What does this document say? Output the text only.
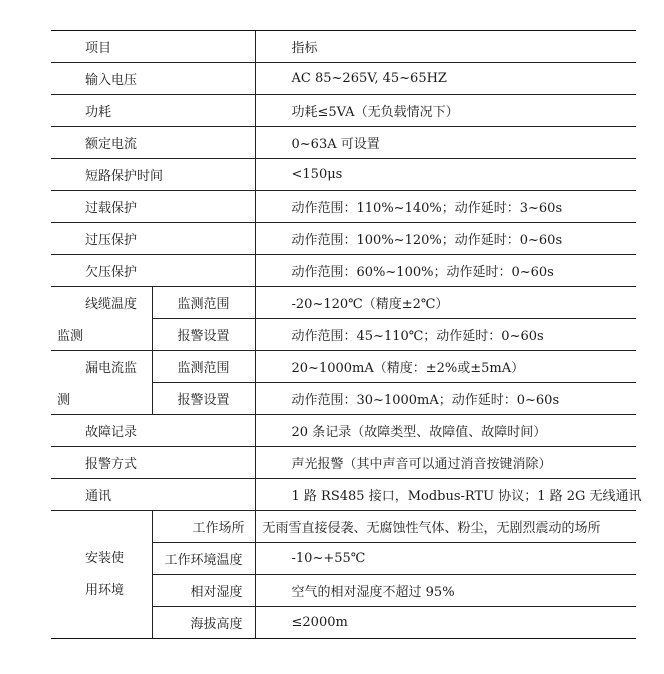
项目		指标
输入电压		AC 85~265V, 45~65HZ
功耗		功耗≤5VA（无负载情况下）
额定电流		0~63A 可设置
短路保护时间		<150μs
过载保护		动作范围：110%~140%；动作延时：3~60s
过压保护		动作范围：100%~120%；动作延时：0~60s
欠压保护		动作范围：60%~100%；动作延时：0~60s
线缆温度	监测范围	-20~120℃（精度±2℃）
监测	报警设置	动作范围：45~110℃；动作延时：0~60s
漏电流监	监测范围	20~1000mA（精度：±2%或±5mA）
测	报警设置	动作范围：30~1000mA；动作延时：0~60s
故障记录		20 条记录（故障类型、故障值、故障时间）
报警方式		声光报警（其中声音可以通过消音按键消除）
通讯		1 路 RS485 接口，Modbus-RTU 协议；1 路 2G 无线通讯

安装使
用环境	工作场所	无雨雪直接侵袭、无腐蚀性气体、粉尘，无剧烈震动的场所
	工作环境温度	-10~+55℃
	相对湿度	空气的相对湿度不超过 95%
	海拔高度	≤2000m
